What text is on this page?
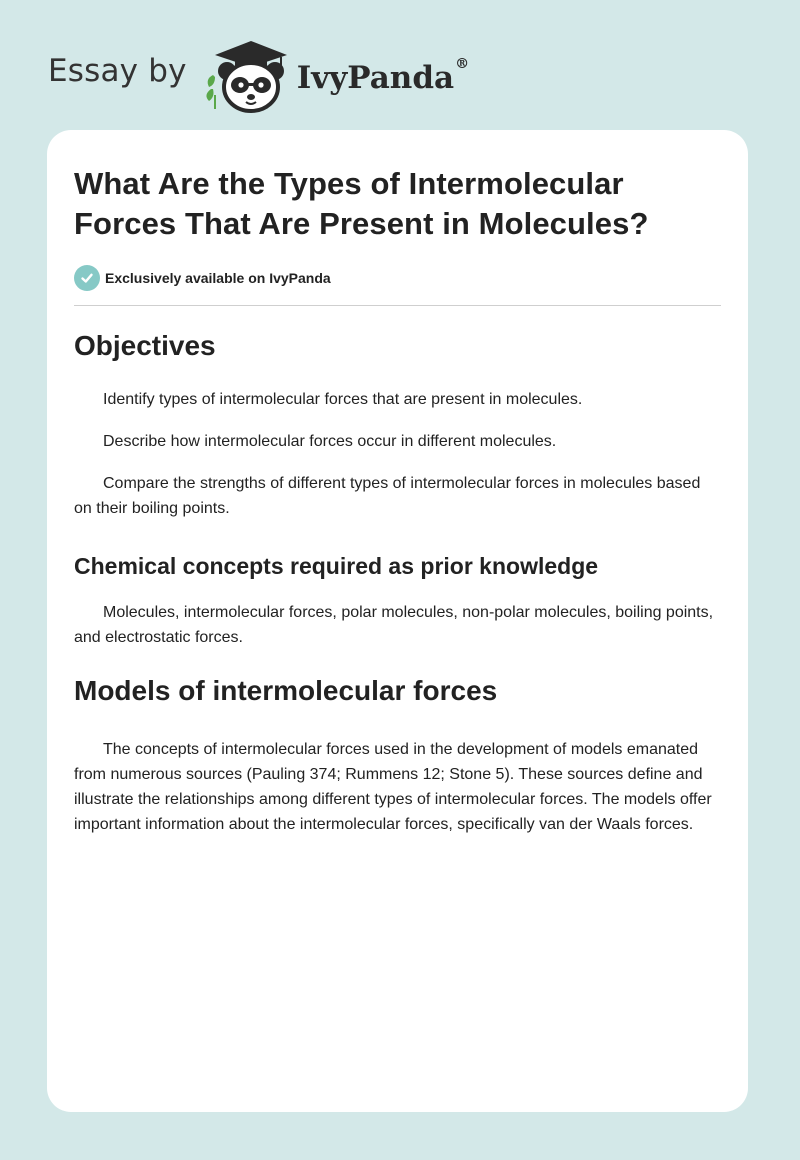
Essay by	IvyPanda®
What Are the Types of Intermolecular Forces That Are Present in Molecules?
Exclusively available on IvyPanda
Objectives

Identify types of intermolecular forces that are present in molecules.

Describe how intermolecular forces occur in different molecules.

Compare the strengths of different types of intermolecular forces in molecules based on their boiling points.

Chemical concepts required as prior knowledge

Molecules, intermolecular forces, polar molecules, non-polar molecules, boiling points, and electrostatic forces.

Models of intermolecular forces

The concepts of intermolecular forces used in the development of models emanated from numerous sources (Pauling 374; Rummens 12; Stone 5). These sources define and illustrate the relationships among different types of intermolecular forces. The models offer important information about the intermolecular forces, specifically van der Waals forces.
